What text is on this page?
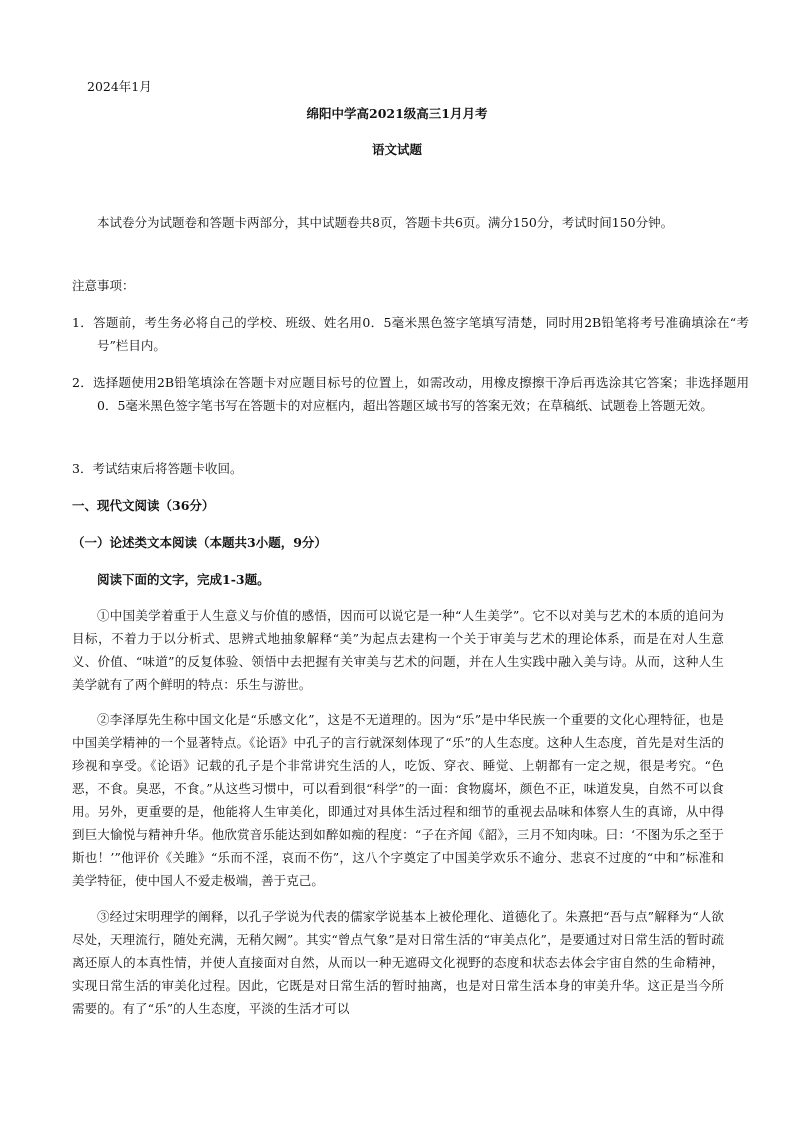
2024年1月
绵阳中学高2021级高三1月月考
语文试题
本试卷分为试题卷和答题卡两部分，其中试题卷共8页，答题卡共6页。满分150分，考试时间150分钟。
注意事项：
1．答题前，考生务必将自己的学校、班级、姓名用0．5毫米黑色签字笔填写清楚，同时用2B铅笔将考号准确填涂在“考号”栏目内。
2．选择题使用2B铅笔填涂在答题卡对应题目标号的位置上，如需改动，用橡皮擦擦干净后再选涂其它答案；非选择题用0．5毫米黑色签字笔书写在答题卡的对应框内，超出答题区域书写的答案无效；在草稿纸、试题卷上答题无效。
3．考试结束后将答题卡收回。
一、现代文阅读（36分）
（一）论述类文本阅读（本题共3小题，9分）
阅读下面的文字，完成1-3题。
①中国美学着重于人生意义与价值的感悟，因而可以说它是一种“人生美学”。它不以对美与艺术的本质的追问为目标，不着力于以分析式、思辨式地抽象解释“美”为起点去建构一个关于审美与艺术的理论体系，而是在对人生意义、价值、“味道”的反复体验、领悟中去把握有关审美与艺术的问题，并在人生实践中融入美与诗。从而，这种人生美学就有了两个鲜明的特点：乐生与游世。
②李泽厚先生称中国文化是“乐感文化”，这是不无道理的。因为“乐”是中华民族一个重要的文化心理特征，也是中国美学精神的一个显著特点。《论语》中孔子的言行就深刻体现了“乐”的人生态度。这种人生态度，首先是对生活的珍视和享受。《论语》记载的孔子是个非常讲究生活的人，吃饭、穿衣、睡觉、上朝都有一定之规，很是考究。“色恶，不食。臭恶，不食。”从这些习惯中，可以看到很“科学”的一面：食物腐坏，颜色不正，味道发臭，自然不可以食用。另外，更重要的是，他能将人生审美化，即通过对具体生活过程和细节的重视去品味和体察人生的真谛，从中得到巨大愉悦与精神升华。他欣赏音乐能达到如醉如痴的程度：“子在齐闻《韶》，三月不知肉味。曰：‘不图为乐之至于斯也！’”他评价《关雎》“乐而不淫，哀而不伤”，这八个字奠定了中国美学欢乐不逾分、悲哀不过度的“中和”标准和美学特征，使中国人不爱走极端，善于克己。
③经过宋明理学的阐释，以孔子学说为代表的儒家学说基本上被伦理化、道德化了。朱熹把“吾与点”解释为“人欲尽处，天理流行，随处充满，无稍欠阙”。其实“曾点气象”是对日常生活的“审美点化”，是要通过对日常生活的暂时疏离还原人的本真性情，并使人直接面对自然，从而以一种无遮碍文化视野的态度和状态去体会宇宙自然的生命精神，实现日常生活的审美化过程。因此，它既是对日常生活的暂时抽离，也是对日常生活本身的审美升华。这正是当今所需要的。有了“乐”的人生态度，平淡的生活才可以
